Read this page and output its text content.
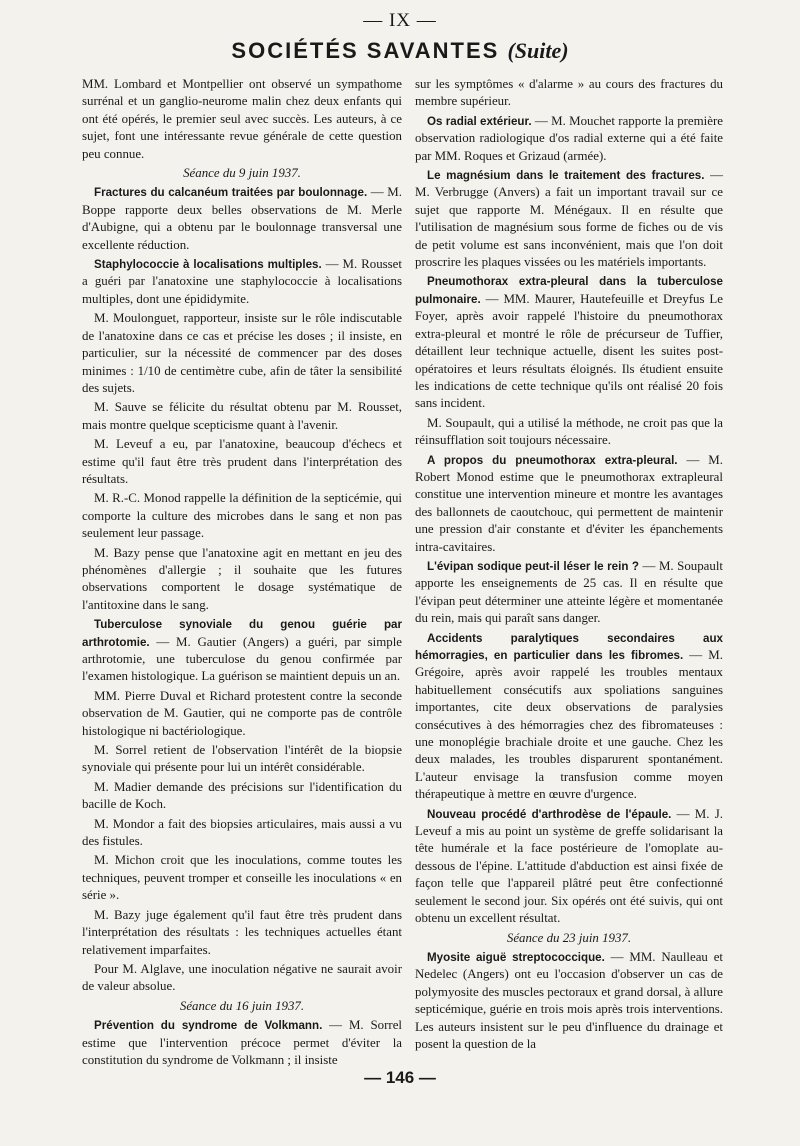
— IX —
SOCIÉTÉS SAVANTES (Suite)

MM. Lombard et Montpellier ont observé un sympathome surrénal et un ganglio-neurome malin chez deux enfants qui ont été opérés, le premier seul avec succès. Les auteurs, à ce sujet, font une intéressante revue générale de cette question peu connue.

Séance du 9 juin 1937.

Fractures du calcanéum traitées par boulonnage. — M. Boppe rapporte deux belles observations de M. Merle d'Aubigne, qui a obtenu par le boulonnage transversal une excellente réduction.

Staphylococcie à localisations multiples. — M. Rousset a guéri par l'anatoxine une staphylococcie à localisations multiples, dont une épididymite.

M. Moulonguet, rapporteur, insiste sur le rôle indiscutable de l'anatoxine dans ce cas et précise les doses ; il insiste, en particulier, sur la nécessité de commencer par des doses minimes : 1/10 de centimètre cube, afin de tâter la sensibilité des sujets.

M. Sauve se félicite du résultat obtenu par M. Rousset, mais montre quelque scepticisme quant à l'avenir.

M. Leveuf a eu, par l'anatoxine, beaucoup d'échecs et estime qu'il faut être très prudent dans l'interprétation des résultats.

M. R.-C. Monod rappelle la définition de la septicémie, qui comporte la culture des microbes dans le sang et non pas seulement leur passage.

M. Bazy pense que l'anatoxine agit en mettant en jeu des phénomènes d'allergie ; il souhaite que les futures observations comportent le dosage systématique de l'antitoxine dans le sang.

Tuberculose synoviale du genou guérie par arthrotomie. — M. Gautier (Angers) a guéri, par simple arthrotomie, une tuberculose du genou confirmée par l'examen histologique. La guérison se maintient depuis un an.

MM. Pierre Duval et Richard protestent contre la seconde observation de M. Gautier, qui ne comporte pas de contrôle histologique ni bactériologique.

M. Sorrel retient de l'observation l'intérêt de la biopsie synoviale qui présente pour lui un intérêt considérable.

M. Madier demande des précisions sur l'identification du bacille de Koch.

M. Mondor a fait des biopsies articulaires, mais aussi a vu des fistules.

M. Michon croit que les inoculations, comme toutes les techniques, peuvent tromper et conseille les inoculations « en série ».

M. Bazy juge également qu'il faut être très prudent dans l'interprétation des résultats : les techniques actuelles étant relativement imparfaites.

Pour M. Alglave, une inoculation négative ne saurait avoir de valeur absolue.

Séance du 16 juin 1937.

Prévention du syndrome de Volkmann. — M. Sorrel estime que l'intervention précoce permet d'éviter la constitution du syndrome de Volkmann ; il insiste

sur les symptômes « d'alarme » au cours des fractures du membre supérieur.

Os radial extérieur. — M. Mouchet rapporte la première observation radiologique d'os radial externe qui a été faite par MM. Roques et Grizaud (armée).

Le magnésium dans le traitement des fractures. — M. Verbrugge (Anvers) a fait un important travail sur ce sujet que rapporte M. Ménégaux. Il en résulte que l'utilisation de magnésium sous forme de fiches ou de vis de petit volume est sans inconvénient, mais que l'on doit proscrire les plaques vissées ou les matériels importants.

Pneumothorax extra-pleural dans la tuberculose pulmonaire. — MM. Maurer, Hautefeuille et Dreyfus Le Foyer, après avoir rappelé l'histoire du pneumothorax extra-pleural et montré le rôle de précurseur de Tuffier, détaillent leur technique actuelle, disent les suites post-opératoires et leurs résultats éloignés. Ils étudient ensuite les indications de cette technique qu'ils ont réalisé 20 fois sans incident.

M. Soupault, qui a utilisé la méthode, ne croit pas que la réinsufflation soit toujours nécessaire.

A propos du pneumothorax extra-pleural. — M. Robert Monod estime que le pneumothorax extrapleural constitue une intervention mineure et montre les avantages des ballonnets de caoutchouc, qui permettent de maintenir une pression d'air constante et d'éviter les épanchements intra-cavitaires.

L'évipan sodique peut-il léser le rein ? — M. Soupault apporte les enseignements de 25 cas. Il en résulte que l'évipan peut déterminer une atteinte légère et momentanée du rein, mais qui paraît sans danger.

Accidents paralytiques secondaires aux hémorragies, en particulier dans les fibromes. — M. Grégoire, après avoir rappelé les troubles mentaux habituellement consécutifs aux spoliations sanguines importantes, cite deux observations de paralysies consécutives à des hémorragies chez des fibromateuses : une monoplégie brachiale droite et une gauche. Chez les deux malades, les troubles disparurent spontanément. L'auteur envisage la transfusion comme moyen thérapeutique à mettre en œuvre d'urgence.

Nouveau procédé d'arthrodèse de l'épaule. — M. J. Leveuf a mis au point un système de greffe solidarisant la tête humérale et la face postérieure de l'omoplate au-dessous de l'épine. L'attitude d'abduction est ainsi fixée de façon telle que l'appareil plâtré peut être confectionné seulement le second jour. Six opérés ont été suivis, qui ont obtenu un excellent résultat.

Séance du 23 juin 1937.

Myosite aiguë streptococcique. — MM. Naulleau et Nedelec (Angers) ont eu l'occasion d'observer un cas de polymyosite des muscles pectoraux et grand dorsal, à allure septicémique, guérie en trois mois après trois interventions. Les auteurs insistent sur le peu d'influence du drainage et posent la question de la

— 146 —
